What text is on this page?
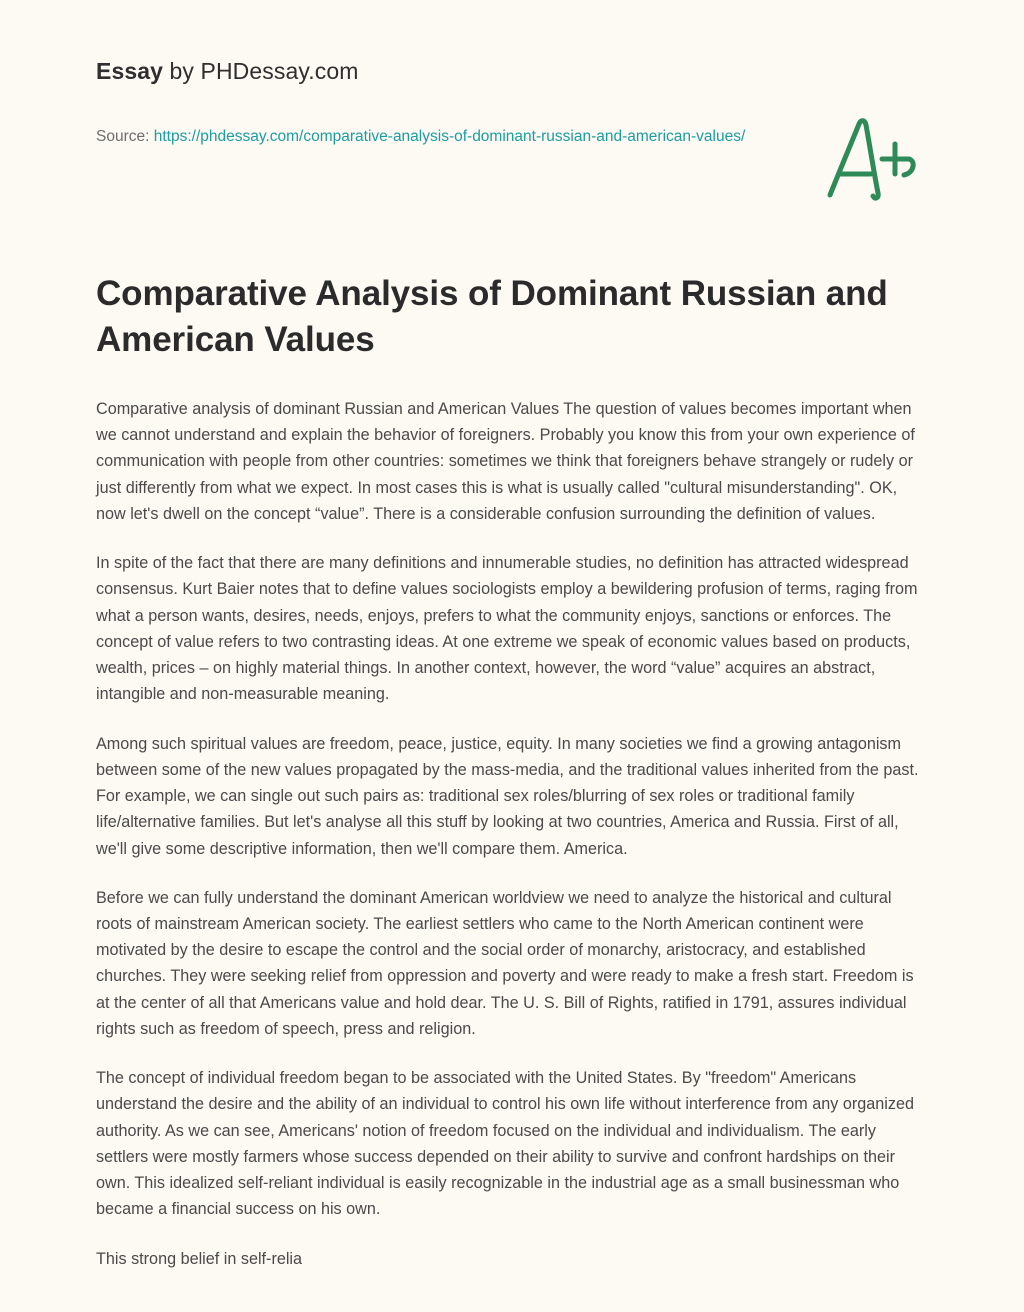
Essay by PHDessay.com
Source: https://phdessay.com/comparative-analysis-of-dominant-russian-and-american-values/
Comparative Analysis of Dominant Russian and American Values

Comparative analysis of dominant Russian and American Values The question of values becomes important when we cannot understand and explain the behavior of foreigners. Probably you know this from your own experience of communication with people from other countries: sometimes we think that foreigners behave strangely or rudely or just differently from what we expect. In most cases this is what is usually called "cultural misunderstanding". OK, now let's dwell on the concept “value”. There is a considerable confusion surrounding the definition of values.

In spite of the fact that there are many definitions and innumerable studies, no definition has attracted widespread consensus. Kurt Baier notes that to define values sociologists employ a bewildering profusion of terms, raging from what a person wants, desires, needs, enjoys, prefers to what the community enjoys, sanctions or enforces. The concept of value refers to two contrasting ideas. At one extreme we speak of economic values based on products, wealth, prices – on highly material things. In another context, however, the word “value” acquires an abstract, intangible and non-measurable meaning.

Among such spiritual values are freedom, peace, justice, equity. In many societies we find a growing antagonism between some of the new values propagated by the mass-media, and the traditional values inherited from the past. For example, we can single out such pairs as: traditional sex roles/blurring of sex roles or traditional family life/alternative families. But let's analyse all this stuff by looking at two countries, America and Russia. First of all, we'll give some descriptive information, then we'll compare them. America.

Before we can fully understand the dominant American worldview we need to analyze the historical and cultural roots of mainstream American society. The earliest settlers who came to the North American continent were motivated by the desire to escape the control and the social order of monarchy, aristocracy, and established churches. They were seeking relief from oppression and poverty and were ready to make a fresh start. Freedom is at the center of all that Americans value and hold dear. The U. S. Bill of Rights, ratified in 1791, assures individual rights such as freedom of speech, press and religion.

The concept of individual freedom began to be associated with the United States. By "freedom" Americans understand the desire and the ability of an individual to control his own life without interference from any organized authority. As we can see, Americans' notion of freedom focused on the individual and individualism. The early settlers were mostly farmers whose success depended on their ability to survive and confront hardships on their own. This idealized self-reliant individual is easily recognizable in the industrial age as a small businessman who became a financial success on his own.

This strong belief in self-relia
